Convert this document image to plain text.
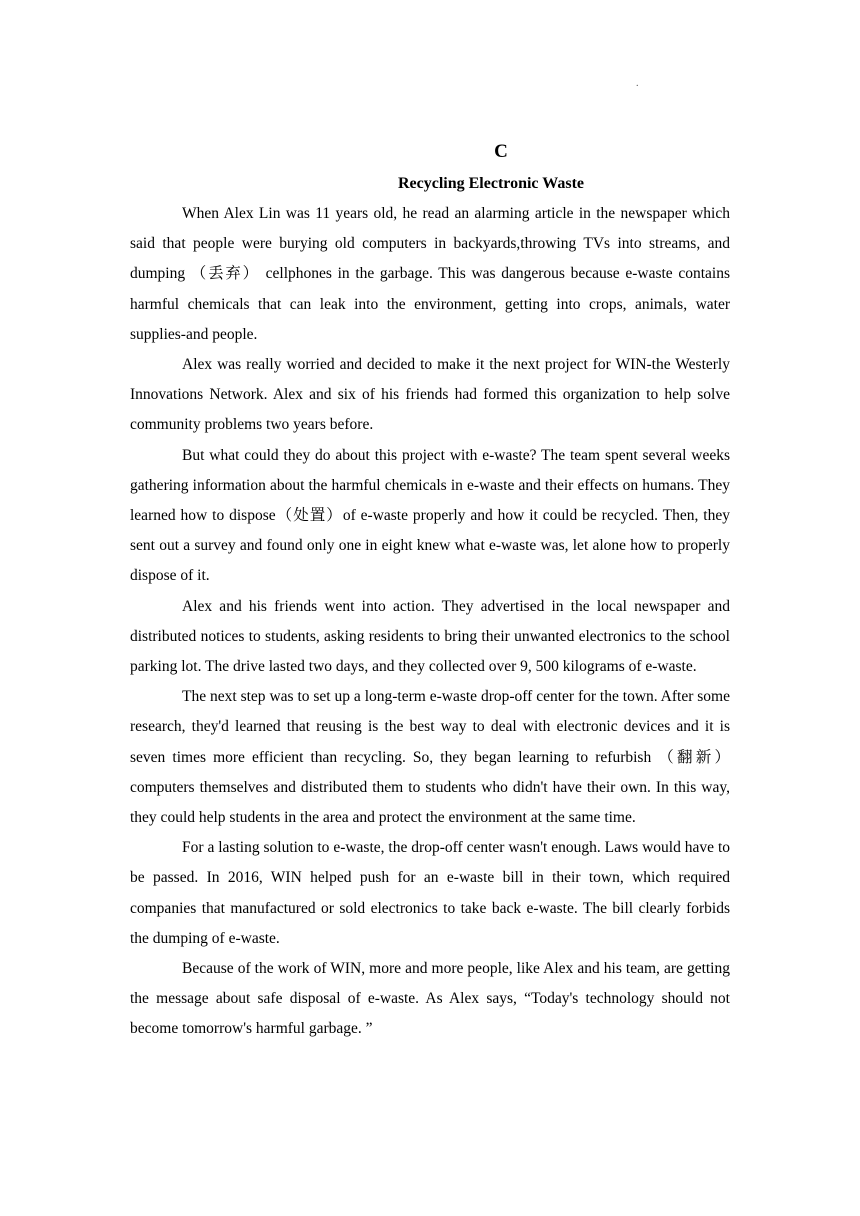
.
C
Recycling Electronic Waste

When Alex Lin was 11 years old, he read an alarming article in the newspaper which said that people were burying old computers in backyards,throwing TVs into streams, and dumping （丢弃） cellphones in the garbage. This was dangerous because e-waste contains harmful chemicals that can leak into the environment, getting into crops, animals, water supplies-and people.

Alex was really worried and decided to make it the next project for WIN-the Westerly Innovations Network. Alex and six of his friends had formed this organization to help solve community problems two years before.

But what could they do about this project with e-waste? The team spent several weeks gathering information about the harmful chemicals in e-waste and their effects on humans. They learned how to dispose（处置）of e-waste properly and how it could be recycled. Then, they sent out a survey and found only one in eight knew what e-waste was, let alone how to properly dispose of it.

Alex and his friends went into action. They advertised in the local newspaper and distributed notices to students, asking residents to bring their unwanted electronics to the school parking lot. The drive lasted two days, and they collected over 9, 500 kilograms of e-waste.

The next step was to set up a long-term e-waste drop-off center for the town. After some research, they'd learned that reusing is the best way to deal with electronic devices and it is seven times more efficient than recycling. So, they began learning to refurbish （翻新）computers themselves and distributed them to students who didn't have their own. In this way, they could help students in the area and protect the environment at the same time.

For a lasting solution to e-waste, the drop-off center wasn't enough. Laws would have to be passed. In 2016, WIN helped push for an e-waste bill in their town, which required companies that manufactured or sold electronics to take back e-waste. The bill clearly forbids the dumping of e-waste.

Because of the work of WIN, more and more people, like Alex and his team, are getting the message about safe disposal of e-waste. As Alex says, “Today's technology should not become tomorrow's harmful garbage. ”
